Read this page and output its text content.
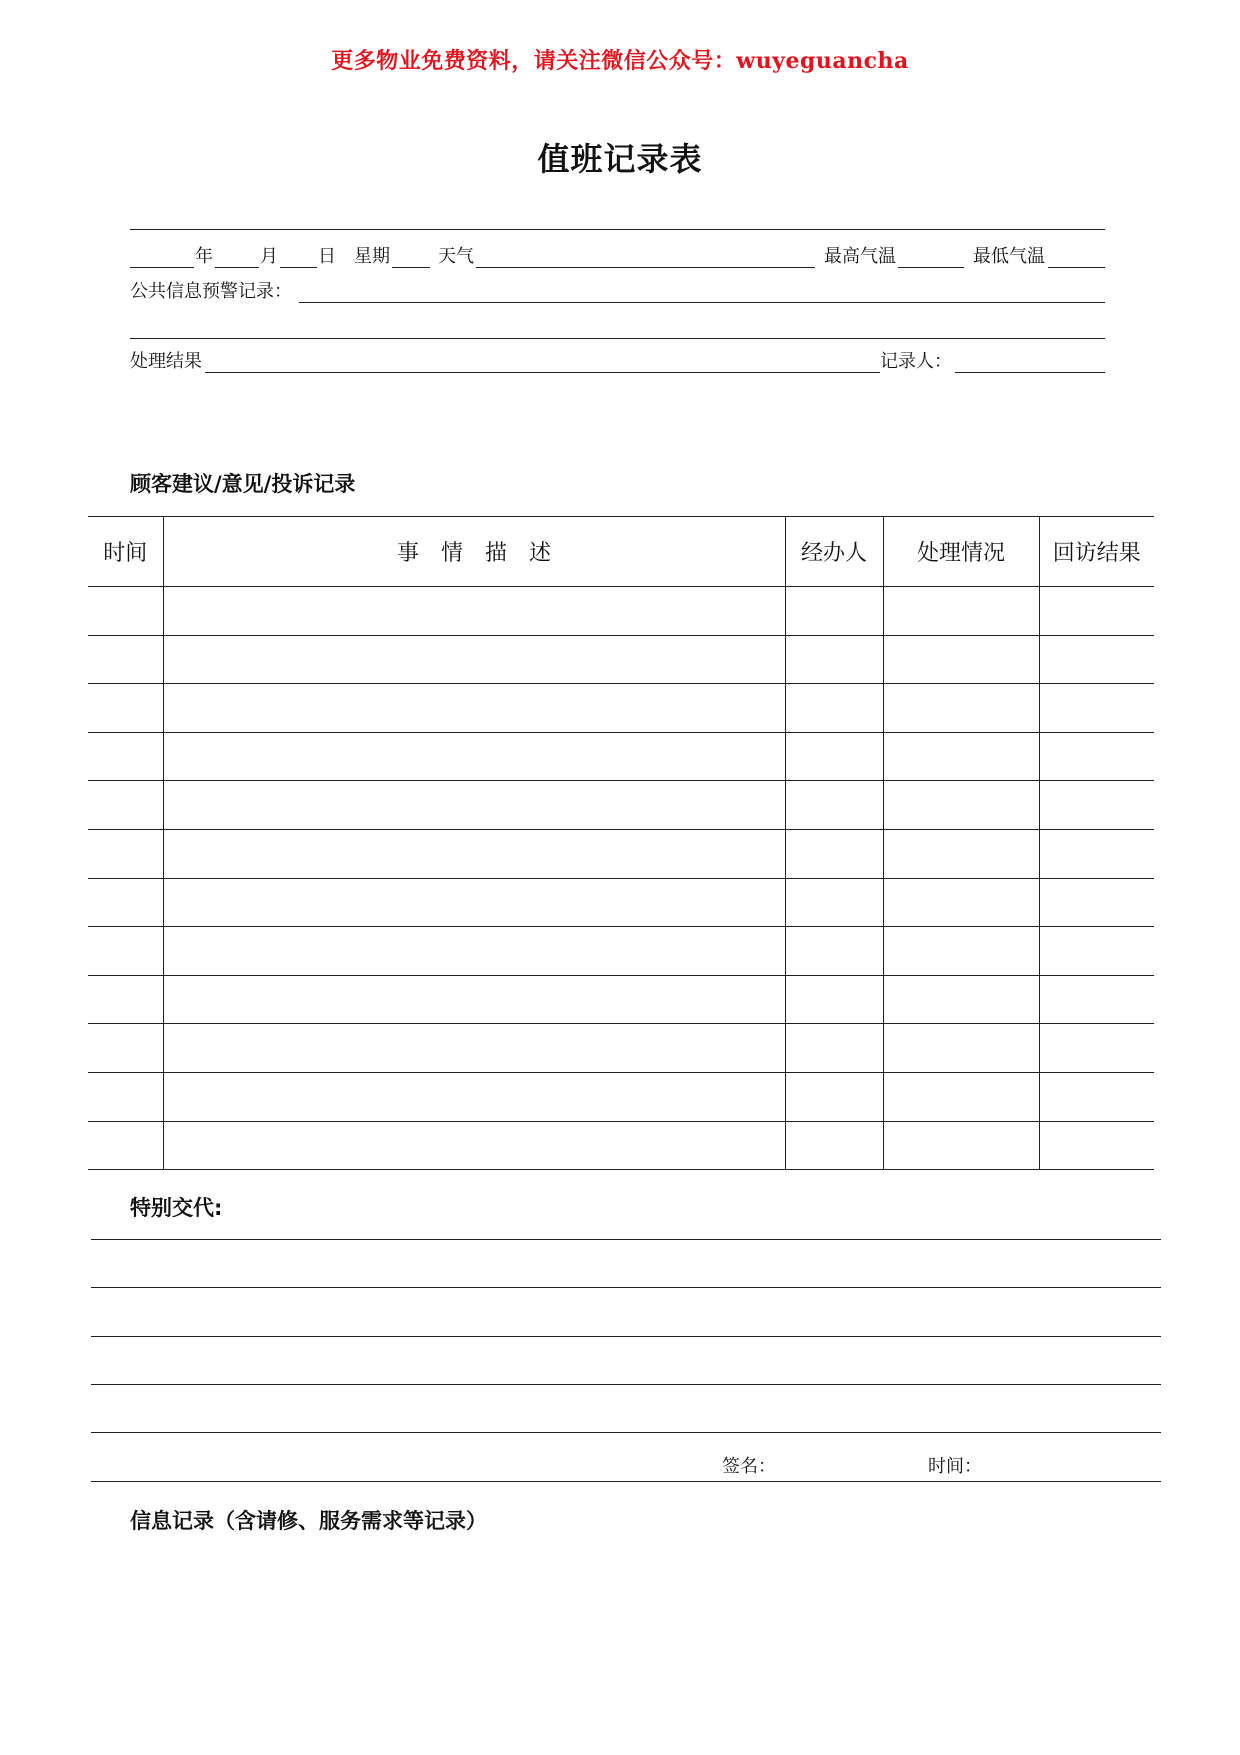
更多物业免费资料，请关注微信公众号：wuyeguancha
值班记录表
年	月 日 星期	天气	最高气温	最低气温
公共信息预警记录：
处理结果	记录人：
顾客建议/意见/投诉记录
时间	事　情　描　述	经办人	处理情况	回访结果

特别交代:
签名：	时间：
信息记录（含请修、服务需求等记录）
